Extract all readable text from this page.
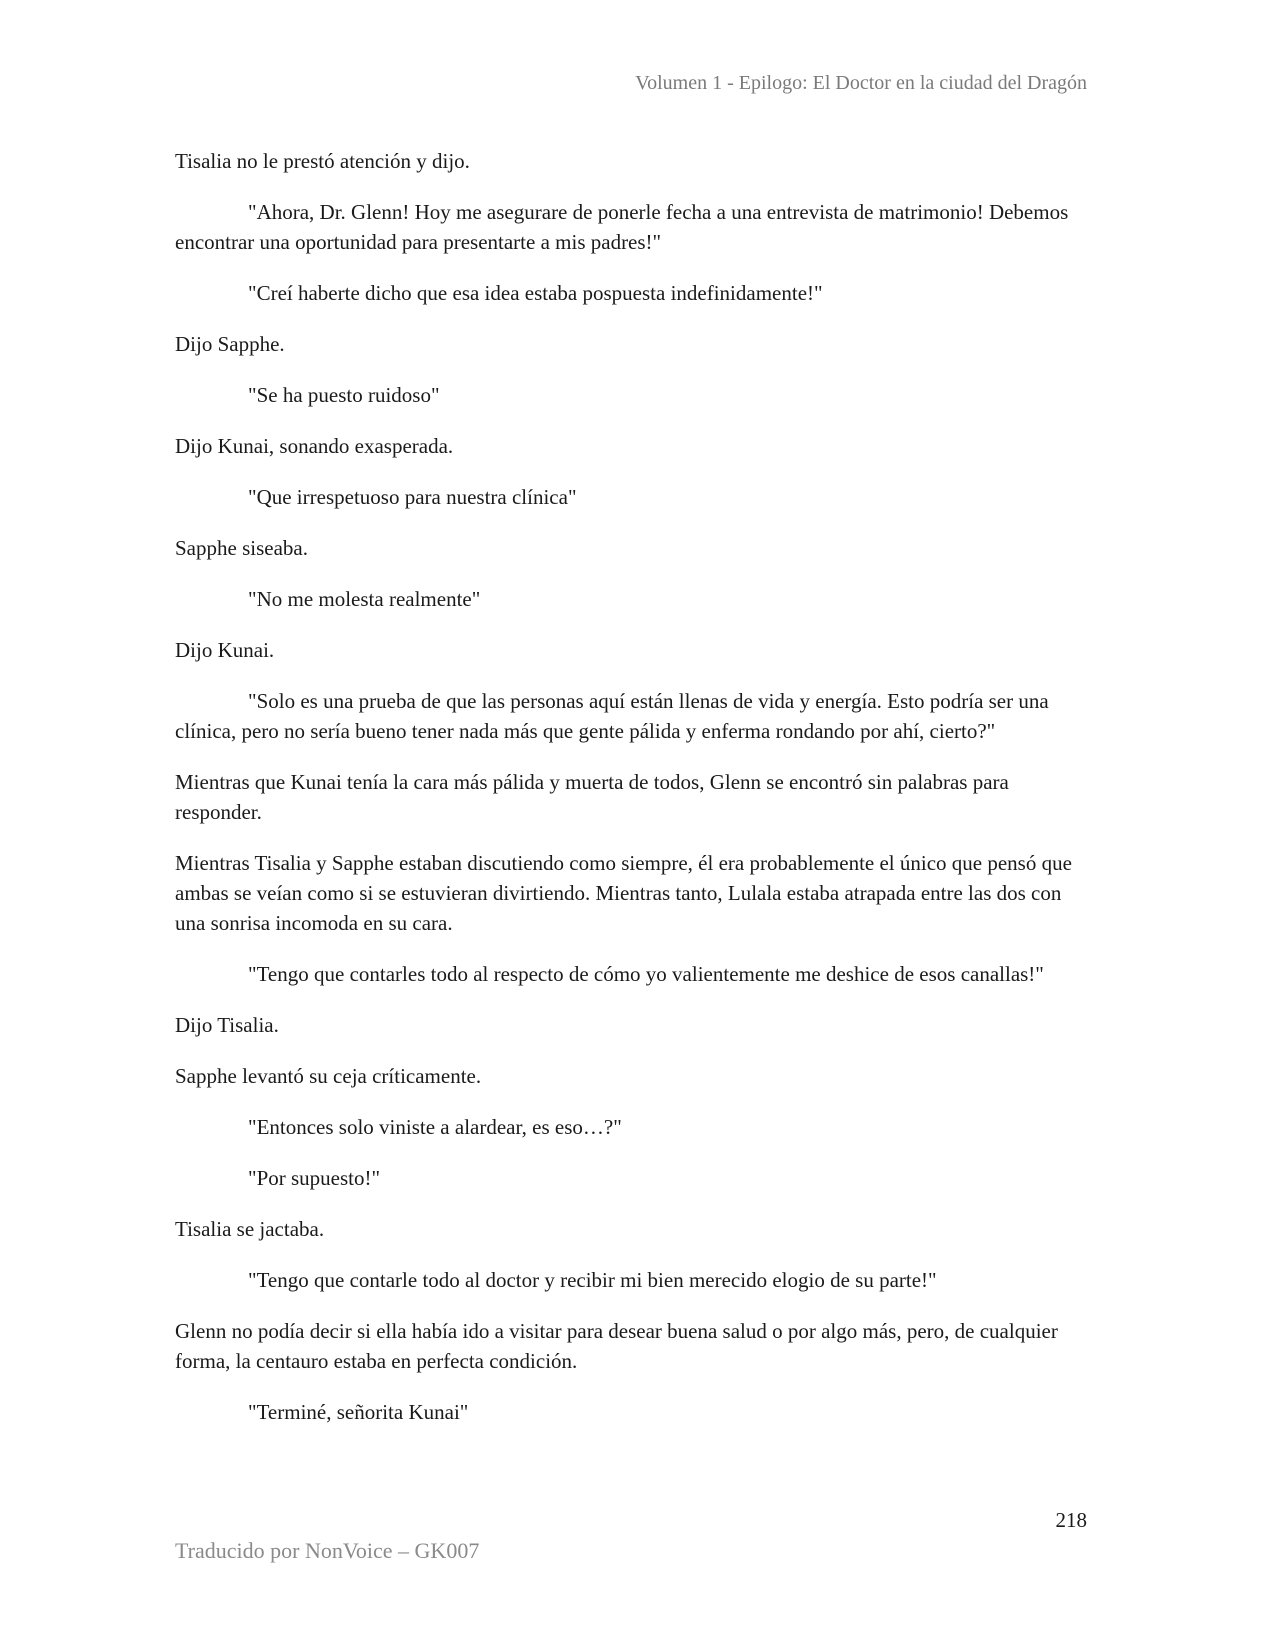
Volumen 1 - Epilogo: El Doctor en la ciudad del Dragón

Tisalia no le prestó atención y dijo.

"Ahora, Dr. Glenn! Hoy me asegurare de ponerle fecha a una entrevista de matrimonio! Debemos encontrar una oportunidad para presentarte a mis padres!"

"Creí haberte dicho que esa idea estaba pospuesta indefinidamente!"

Dijo Sapphe.

"Se ha puesto ruidoso"

Dijo Kunai, sonando exasperada.

"Que irrespetuoso para nuestra clínica"

Sapphe siseaba.

"No me molesta realmente"

Dijo Kunai.

"Solo es una prueba de que las personas aquí están llenas de vida y energía. Esto podría ser una clínica, pero no sería bueno tener nada más que gente pálida y enferma rondando por ahí, cierto?"

Mientras que Kunai tenía la cara más pálida y muerta de todos, Glenn se encontró sin palabras para responder.

Mientras Tisalia y Sapphe estaban discutiendo como siempre, él era probablemente el único que pensó que ambas se veían como si se estuvieran divirtiendo. Mientras tanto, Lulala estaba atrapada entre las dos con una sonrisa incomoda en su cara.

"Tengo que contarles todo al respecto de cómo yo valientemente me deshice de esos canallas!"

Dijo Tisalia.

Sapphe levantó su ceja críticamente.

"Entonces solo viniste a alardear, es eso…?"

"Por supuesto!"

Tisalia se jactaba.

"Tengo que contarle todo al doctor y recibir mi bien merecido elogio de su parte!"

Glenn no podía decir si ella había ido a visitar para desear buena salud o por algo más, pero, de cualquier forma, la centauro estaba en perfecta condición.

"Terminé, señorita Kunai"

218
Traducido por NonVoice – GK007
